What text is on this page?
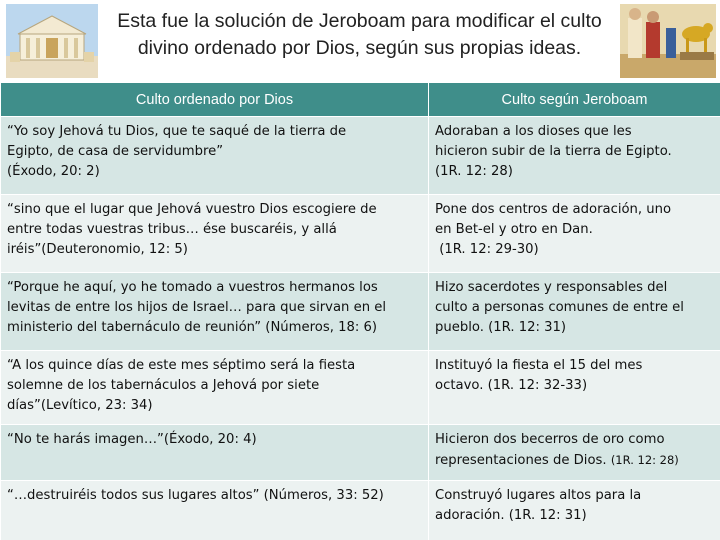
Esta fue la solución de Jeroboam para modificar el culto
divino ordenado por Dios, según sus propias ideas.
Culto ordenado por Dios	Culto según Jeroboam

“Yo soy Jehová tu Dios, que te saqué de la tierra de
Egipto, de casa de servidumbre”
(Éxodo, 20: 2)	Adoraban a los dioses que les
hicieron subir de la tierra de Egipto.
(1R. 12: 28)

“sino que el lugar que Jehová vuestro Dios escogiere de
entre todas vuestras tribus… ése buscaréis, y allá
iréis”(Deuteronomio, 12: 5)	Pone dos centros de adoración, uno
en Bet-el y otro en Dan.
(1R. 12: 29-30)

“Porque he aquí, yo he tomado a vuestros hermanos los
levitas de entre los hijos de Israel… para que sirvan en el
ministerio del tabernáculo de reunión” (Números, 18: 6)	Hizo sacerdotes y responsables del
culto a personas comunes de entre el
pueblo. (1R. 12: 31)

“A los quince días de este mes séptimo será la fiesta
solemne de los tabernáculos a Jehová por siete
días”(Levítico, 23: 34)	Instituyó la fiesta el 15 del mes
octavo. (1R. 12: 32-33)

“No te harás imagen…”(Éxodo, 20: 4)	Hicieron dos becerros de oro como
representaciones de Dios. (1R. 12: 28)

“…destruiréis todos sus lugares altos” (Números, 33: 52)	Construyó lugares altos para la
adoración. (1R. 12: 31)
